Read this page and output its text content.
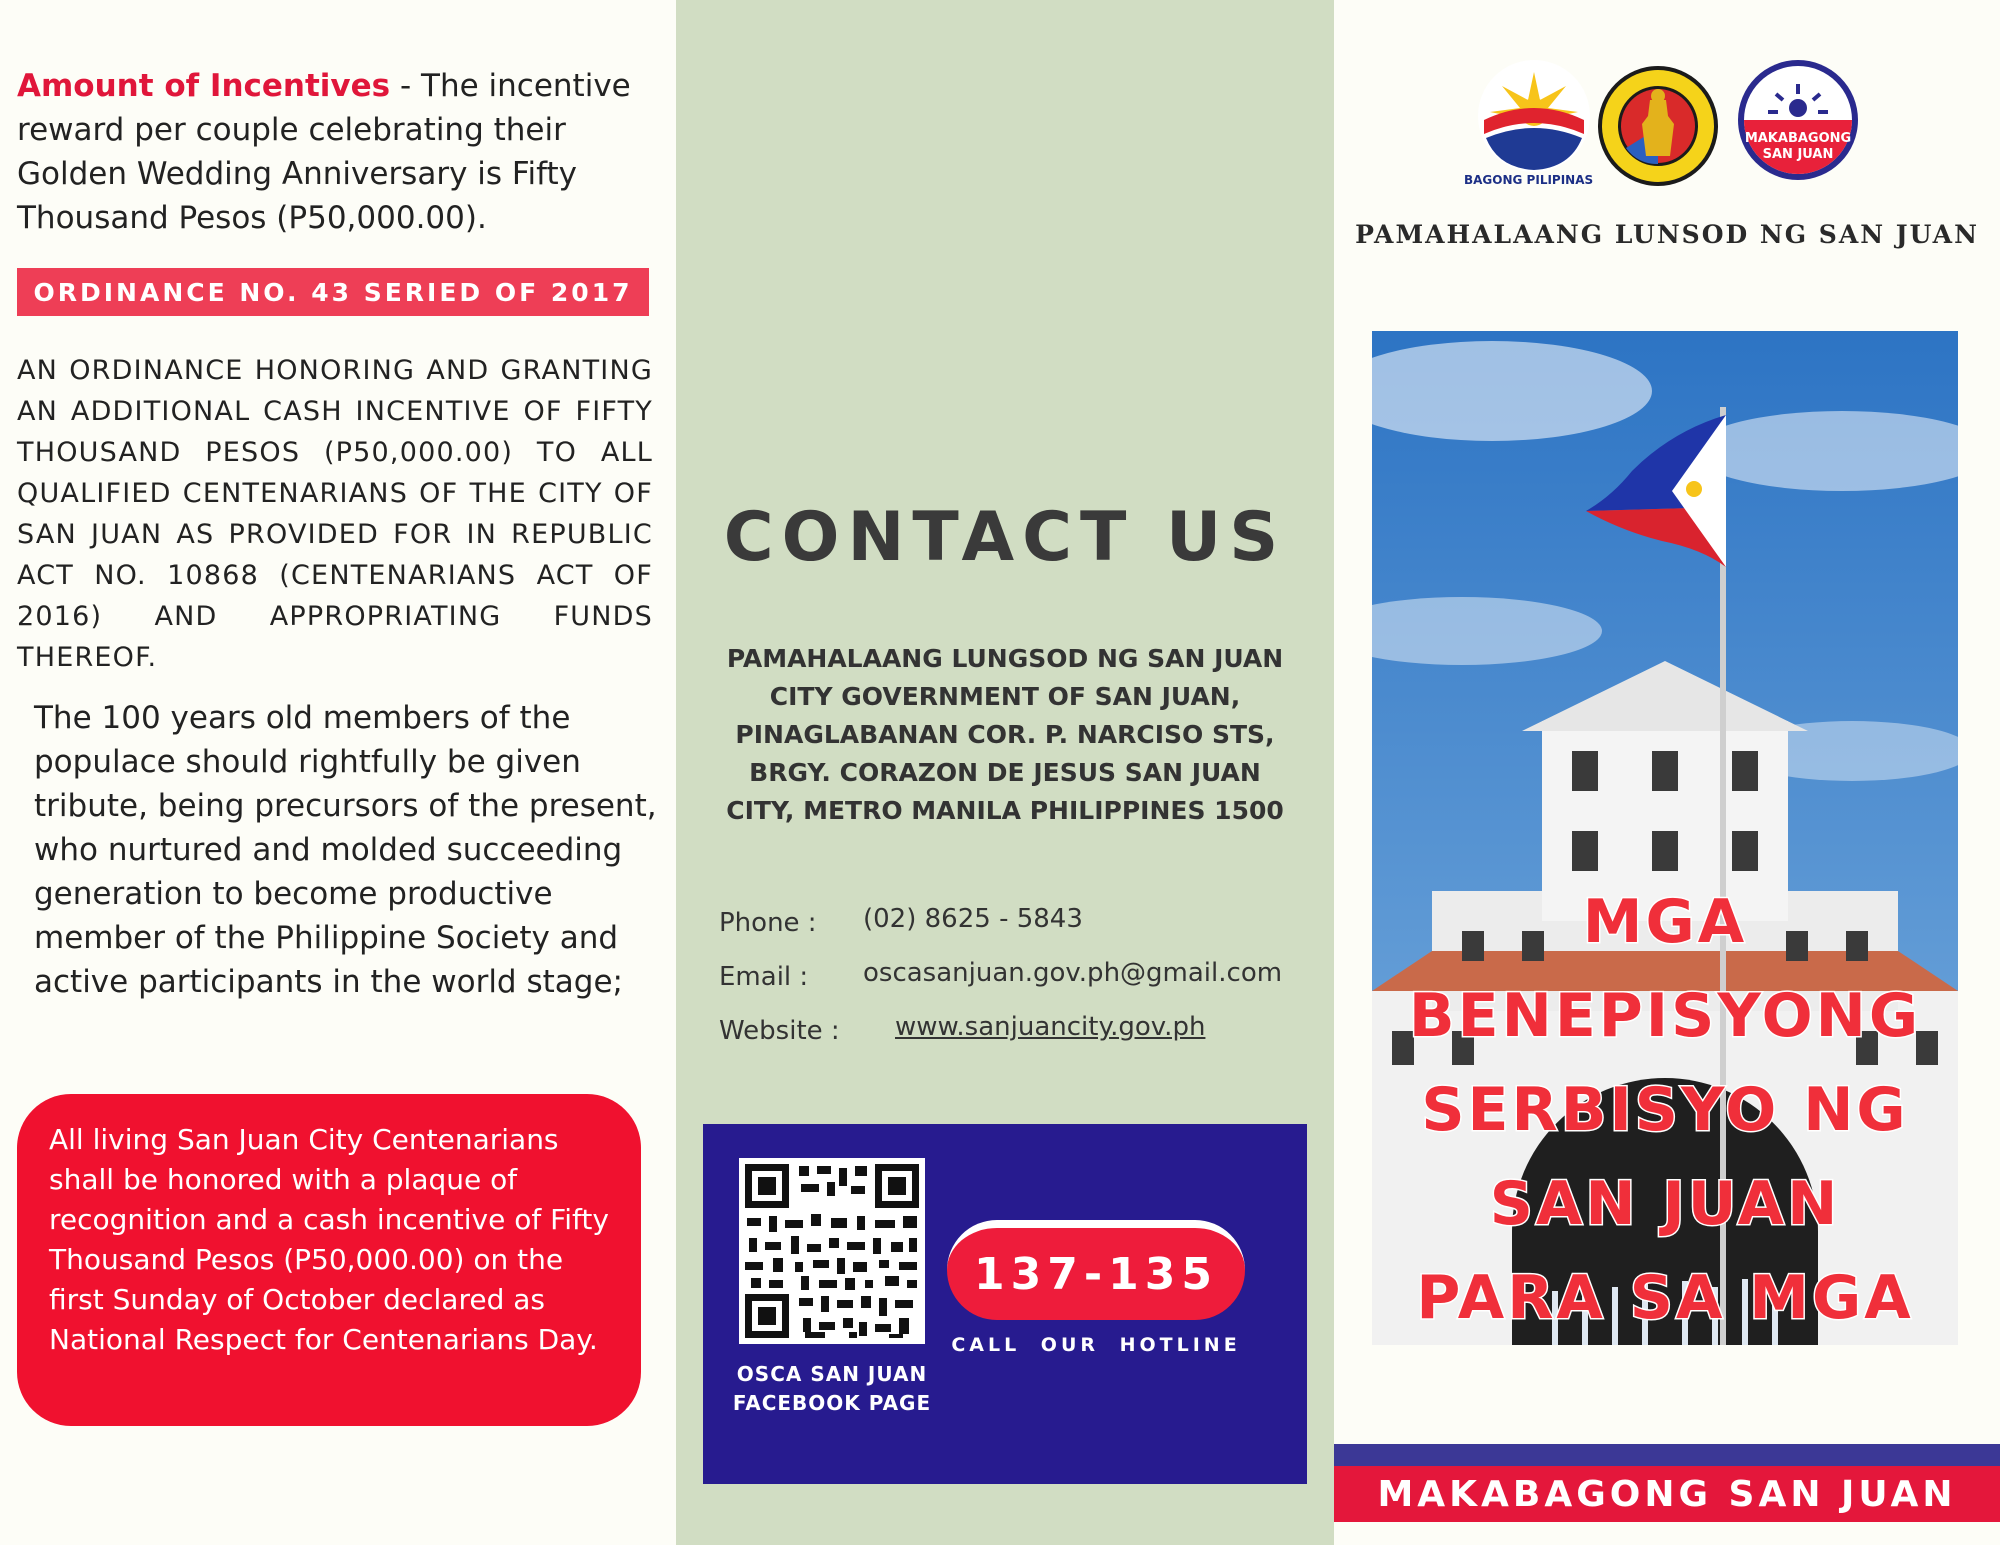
Amount of Incentives - The incentive reward per couple celebrating their Golden Wedding Anniversary is Fifty Thousand Pesos (P50,000.00).

ORDINANCE NO. 43 SERIED OF 2017

AN ORDINANCE HONORING AND GRANTING AN ADDITIONAL CASH INCENTIVE OF FIFTY THOUSAND PESOS (P50,000.00) TO ALL QUALIFIED CENTENARIANS OF THE CITY OF SAN JUAN AS PROVIDED FOR IN REPUBLIC ACT NO. 10868 (CENTENARIANS ACT OF 2016) AND APPROPRIATING FUNDS THEREOF.

The 100 years old members of the populace should rightfully be given tribute, being precursors of the present, who nurtured and molded succeeding generation to become productive member of the Philippine Society and active participants in the world stage;

All living San Juan City Centenarians shall be honored with a plaque of recognition and a cash incentive of Fifty Thousand Pesos (P50,000.00) on the first Sunday of October declared as National Respect for Centenarians Day.
CONTACT US
PAMAHALAANG LUNGSOD NG SAN JUAN
CITY GOVERNMENT OF SAN JUAN,
PINAGLABANAN COR. P. NARCISO STS,
BRGY. CORAZON DE JESUS SAN JUAN
CITY, METRO MANILA PHILIPPINES 1500
Phone : (02) 8625 - 5843
Email : oscasanjuan.gov.ph@gmail.com
Website : www.sanjuancity.gov.ph
OSCA SAN JUAN
FACEBOOK PAGE
137-135
CALL OUR HOTLINE
BAGONG PILIPINAS
MAKABAGONG
SAN JUAN
PAMAHALAANG LUNSOD NG SAN JUAN
MGA
BENEPISYONG
SERBISYO NG
SAN JUAN
PARA SA MGA
MAKABAGONG SAN JUAN
